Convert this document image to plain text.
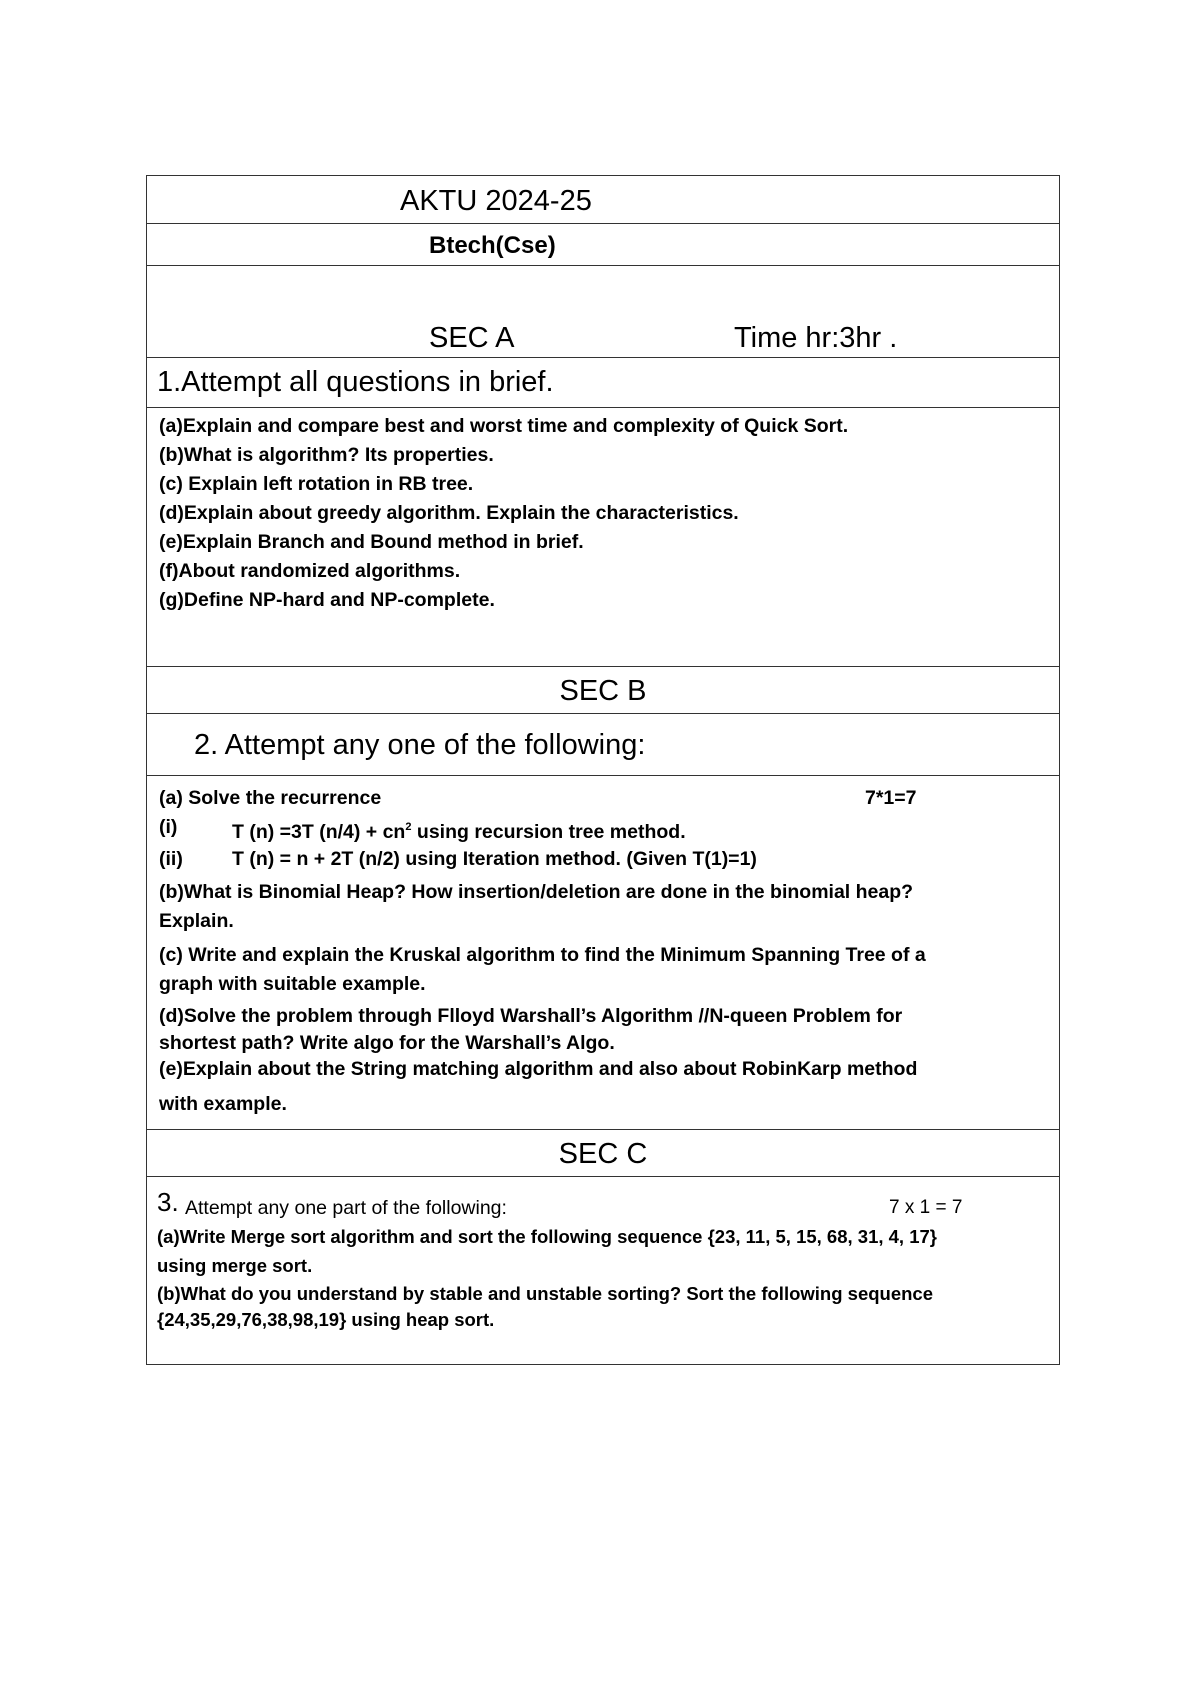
AKTU 2024-25
Btech(Cse)
SEC A	Time hr:3hr .
1.Attempt all questions in brief.
(a)Explain and compare best and worst time and complexity of Quick Sort.
(b)What is algorithm? Its properties.
(c) Explain left rotation in RB tree.
(d)Explain about greedy algorithm. Explain the characteristics.
(e)Explain Branch and Bound method in brief.
(f)About randomized algorithms.
(g)Define NP-hard and NP-complete.
SEC B
2. Attempt any one of the following:
(a) Solve the recurrence	7*1=7
(i)	T (n) =3T $(n/4) + cn^2$ using recursion tree method.
(ii)	T (n) = n + 2T (n/2) using Iteration method. (Given T(1)=1)
(b)What is Binomial Heap? How insertion/deletion are done in the binomial heap?
Explain.
(c) Write and explain the Kruskal algorithm to find the Minimum Spanning Tree of a
graph with suitable example.
(d)Solve the problem through Flloyd Warshall’s Algorithm //N-queen Problem for
shortest path? Write algo for the Warshall’s Algo.
(e)Explain about the String matching algorithm and also about RobinKarp method
with example.
SEC C
3. Attempt any one part of the following:	7 x 1 = 7
(a)Write Merge sort algorithm and sort the following sequence {23, 11, 5, 15, 68, 31, 4, 17}
using merge sort.
(b)What do you understand by stable and unstable sorting? Sort the following sequence
{24,35,29,76,38,98,19} using heap sort.
